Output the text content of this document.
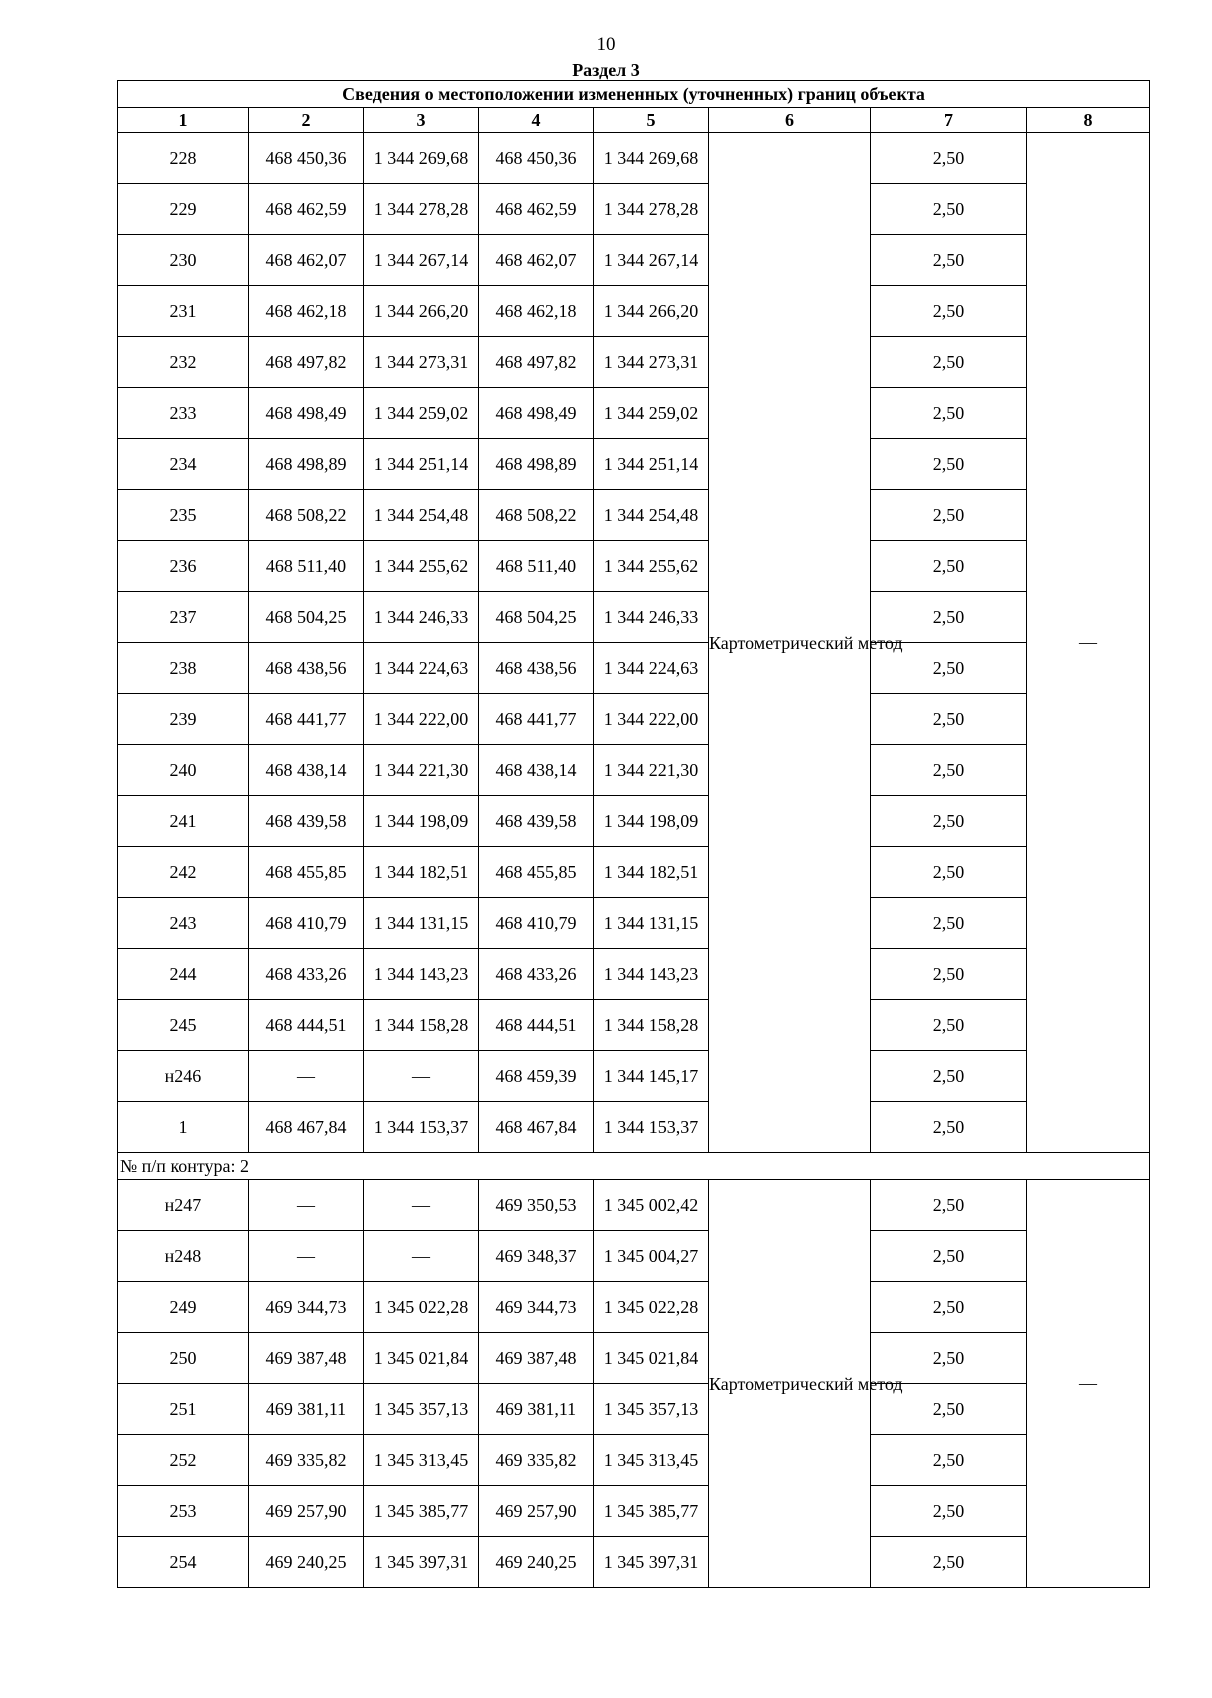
10
Раздел 3
Сведения о местоположении измененных (уточненных) границ объекта							
1	2	3	4	5	6	7	8
228	468 450,36	1 344 269,68	468 450,36	1 344 269,68	Картометрический метод	2,50	—
229	468 462,59	1 344 278,28	468 462,59	1 344 278,28		2,50	
230	468 462,07	1 344 267,14	468 462,07	1 344 267,14		2,50	
231	468 462,18	1 344 266,20	468 462,18	1 344 266,20		2,50	
232	468 497,82	1 344 273,31	468 497,82	1 344 273,31		2,50	
233	468 498,49	1 344 259,02	468 498,49	1 344 259,02		2,50	
234	468 498,89	1 344 251,14	468 498,89	1 344 251,14		2,50	
235	468 508,22	1 344 254,48	468 508,22	1 344 254,48		2,50	
236	468 511,40	1 344 255,62	468 511,40	1 344 255,62		2,50	
237	468 504,25	1 344 246,33	468 504,25	1 344 246,33		2,50	
238	468 438,56	1 344 224,63	468 438,56	1 344 224,63		2,50	
239	468 441,77	1 344 222,00	468 441,77	1 344 222,00		2,50	
240	468 438,14	1 344 221,30	468 438,14	1 344 221,30		2,50	
241	468 439,58	1 344 198,09	468 439,58	1 344 198,09		2,50	
242	468 455,85	1 344 182,51	468 455,85	1 344 182,51		2,50	
243	468 410,79	1 344 131,15	468 410,79	1 344 131,15		2,50	
244	468 433,26	1 344 143,23	468 433,26	1 344 143,23		2,50	
245	468 444,51	1 344 158,28	468 444,51	1 344 158,28		2,50	
н246	—	—	468 459,39	1 344 145,17		2,50	
1	468 467,84	1 344 153,37	468 467,84	1 344 153,37		2,50	
№ п/п контура: 2							
н247	—	—	469 350,53	1 345 002,42	Картометрический метод	2,50	—
н248	—	—	469 348,37	1 345 004,27		2,50	
249	469 344,73	1 345 022,28	469 344,73	1 345 022,28		2,50	
250	469 387,48	1 345 021,84	469 387,48	1 345 021,84		2,50	
251	469 381,11	1 345 357,13	469 381,11	1 345 357,13		2,50	
252	469 335,82	1 345 313,45	469 335,82	1 345 313,45		2,50	
253	469 257,90	1 345 385,77	469 257,90	1 345 385,77		2,50	
254	469 240,25	1 345 397,31	469 240,25	1 345 397,31		2,50	
